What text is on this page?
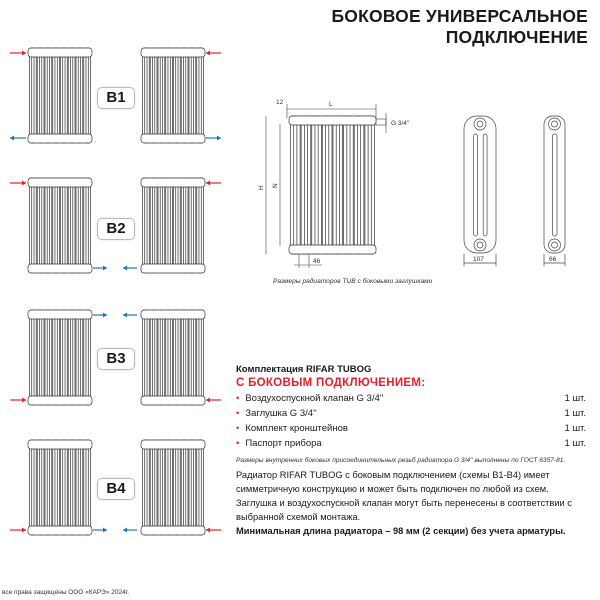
L
12
G 3/4''
H N
46	107	66
БОКОВОЕ УНИВЕРСАЛЬНОЕ
ПОДКЛЮЧЕНИЕ
B1
B2
B3
B4
Размеры радиаторов TUB с боковыми заглушками
Комплектация RIFAR TUBOG
С БОКОВЫМ ПОДКЛЮЧЕНИЕМ:
• Воздухоспускной клапан G 3/4''	1 шт.
• Заглушка G 3/4''	1 шт.
• Комплект кронштейнов	1 шт.
• Паспорт прибора	1 шт.
Размеры внутренних боковых присоединительных резьб радиатора G 3/4'' выполнены по ГОСТ 6357-81.
Радиатор RIFAR TUBOG с боковым подключением (схемы B1-B4) имеет симметричную конструкцию и может быть подключен по любой из схем.
Заглушка и воздухоспускной клапан могут быть перенесены в соответствии с выбранной схемой монтажа.
Минимальная длина радиатора – 98 мм (2 секции) без учета арматуры.
все права защищены ООО «КАРЭ» 2024г.
